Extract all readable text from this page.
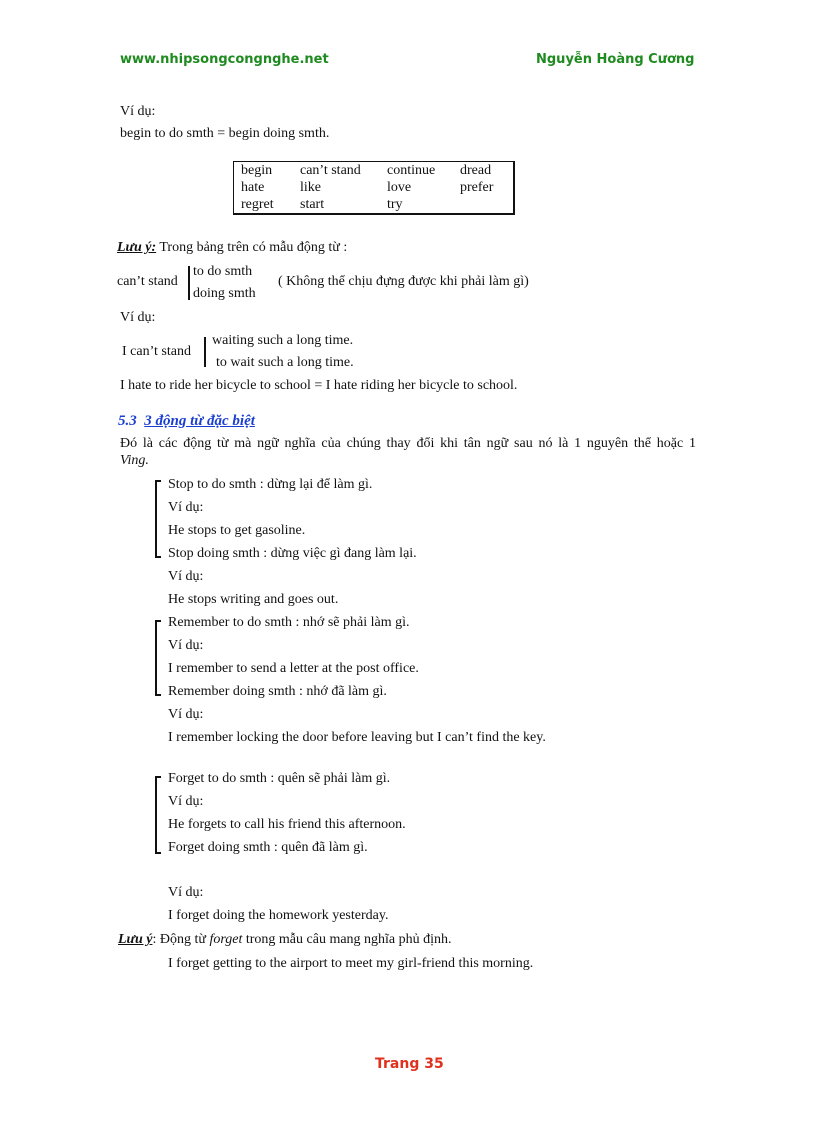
www.nhipsongcongnghe.net	Nguyễn Hoàng Cương
Ví dụ:
begin to do smth = begin doing smth.
begin	can’t stand	continue	dread
hate	like	love	prefer
regret	start	try	
Lưu ý: Trong bảng trên có mẫu động từ :
can’t stand
to do smth
doing smth
( Không thể chịu đựng được khi phải làm gì)
Ví dụ:
I can’t stand
waiting such a long time.
to wait such a long time.
I hate to ride her bicycle to school = I hate riding her bicycle to school.
5.3 3 động từ đặc biệt
Đó là các động từ mà ngữ nghĩa của chúng thay đổi khi tân ngữ sau nó là 1 nguyên thể hoặc 1
Ving.
Stop to do smth : dừng lại để làm gì.
Ví dụ:
He stops to get gasoline.
Stop doing smth : dừng việc gì đang làm lại.
Ví dụ:
He stops writing and goes out.
Remember to do smth : nhớ sẽ phải làm gì.
Ví dụ:
I remember to send a letter at the post office.
Remember doing smth : nhớ đã làm gì.
Ví dụ:
I remember locking the door before leaving but I can’t find the key.
Forget to do smth : quên sẽ phải làm gì.
Ví dụ:
He forgets to call his friend this afternoon.
Forget doing smth : quên đã làm gì.
Ví dụ:
I forget doing the homework yesterday.
Lưu ý: Động từ forget trong mẫu câu mang nghĩa phủ định.
I forget getting to the airport to meet my girl-friend this morning.
Trang 35
